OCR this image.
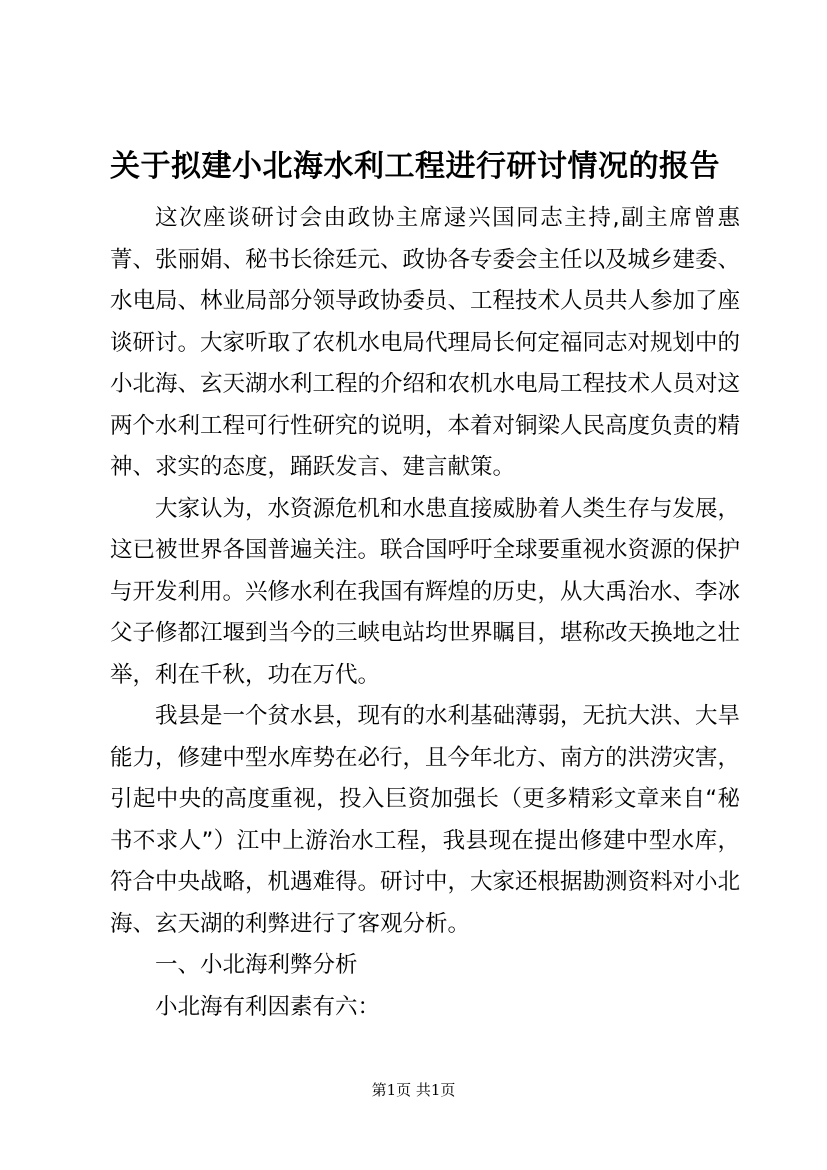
关于拟建小北海水利工程进行研讨情况的报告

这次座谈研讨会由政协主席逯兴国同志主持,副主席曾惠菁、张丽娟、秘书长徐廷元、政协各专委会主任以及城乡建委、水电局、林业局部分领导政协委员、工程技术人员共人参加了座谈研讨。大家听取了农机水电局代理局长何定福同志对规划中的小北海、玄天湖水利工程的介绍和农机水电局工程技术人员对这两个水利工程可行性研究的说明，本着对铜梁人民高度负责的精神、求实的态度，踊跃发言、建言献策。

大家认为，水资源危机和水患直接威胁着人类生存与发展，这已被世界各国普遍关注。联合国呼吁全球要重视水资源的保护与开发利用。兴修水利在我国有辉煌的历史，从大禹治水、李冰父子修都江堰到当今的三峡电站均世界瞩目，堪称改天换地之壮举，利在千秋，功在万代。

我县是一个贫水县，现有的水利基础薄弱，无抗大洪、大旱能力，修建中型水库势在必行，且今年北方、南方的洪涝灾害，引起中央的高度重视，投入巨资加强长（更多精彩文章来自“秘书不求人”）江中上游治水工程，我县现在提出修建中型水库，符合中央战略，机遇难得。研讨中，大家还根据勘测资料对小北海、玄天湖的利弊进行了客观分析。

一、小北海利弊分析

小北海有利因素有六：

第1页 共1页
